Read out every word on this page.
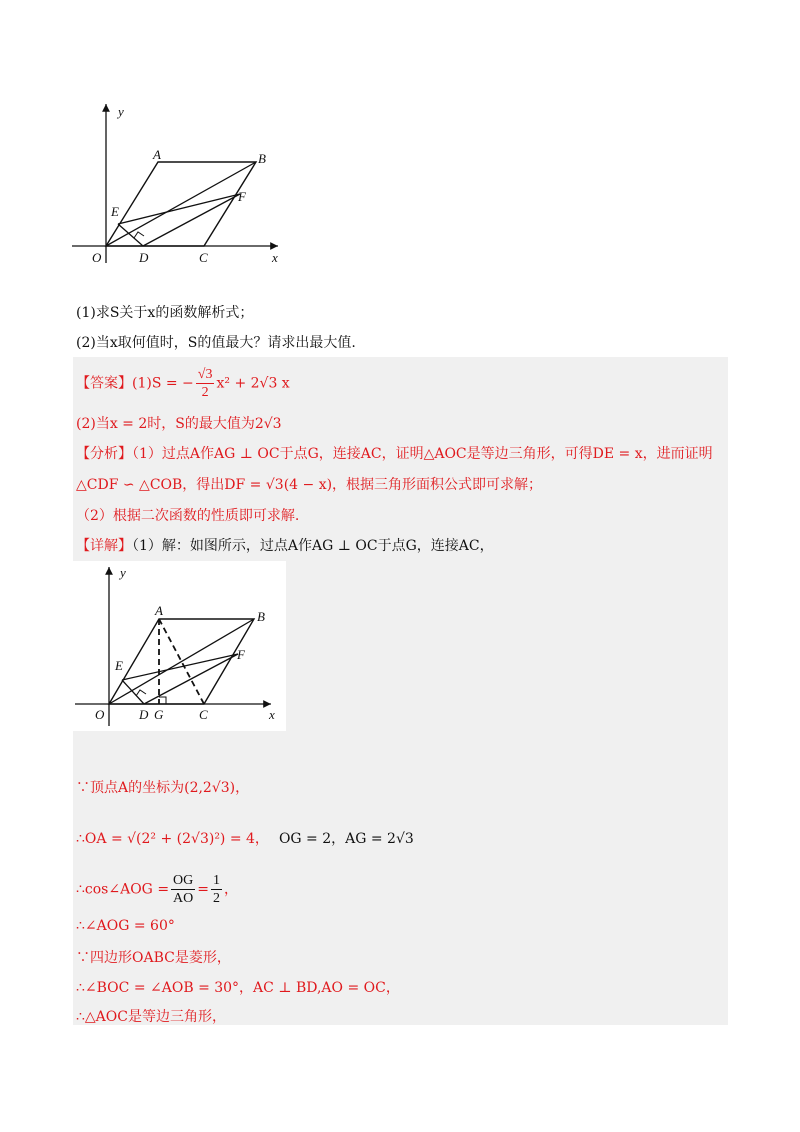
y
A	B
E
F
O	D	C	x
(1)求S关于x的函数解析式；
(2)当x取何值时，S的值最大？请求出最大值.
【答案】(1)S = − $\frac{√3}{2} x^2 + 2√3$ x
(2)当x = 2时，S的最大值为2√3
【分析】（1）过点A作AG ⊥ OC于点G，连接AC，证明△AOC是等边三角形，可得DE = x，进而证明
△CDF ∽ △COB，得出DF = √3(4 − x)，根据三角形面积公式即可求解；
（2）根据二次函数的性质即可求解.
【详解】（1）解：如图所示，过点A作AG ⊥ OC于点G，连接AC，
y
A	B
E
F
O	D G	C	x
∵顶点A的坐标为(2,2√3)，
∴OA = √(2² + (2√3)²) = 4， OG = 2，AG = 2√3
∴cos∠AOG = $\frac{OG}{AO} = \frac{1}{2}$ ，
∴∠AOG = 60°
∵四边形OABC是菱形，
∴∠BOC = ∠AOB = 30°，AC ⊥ BD,AO = OC，
∴△AOC是等边三角形，
